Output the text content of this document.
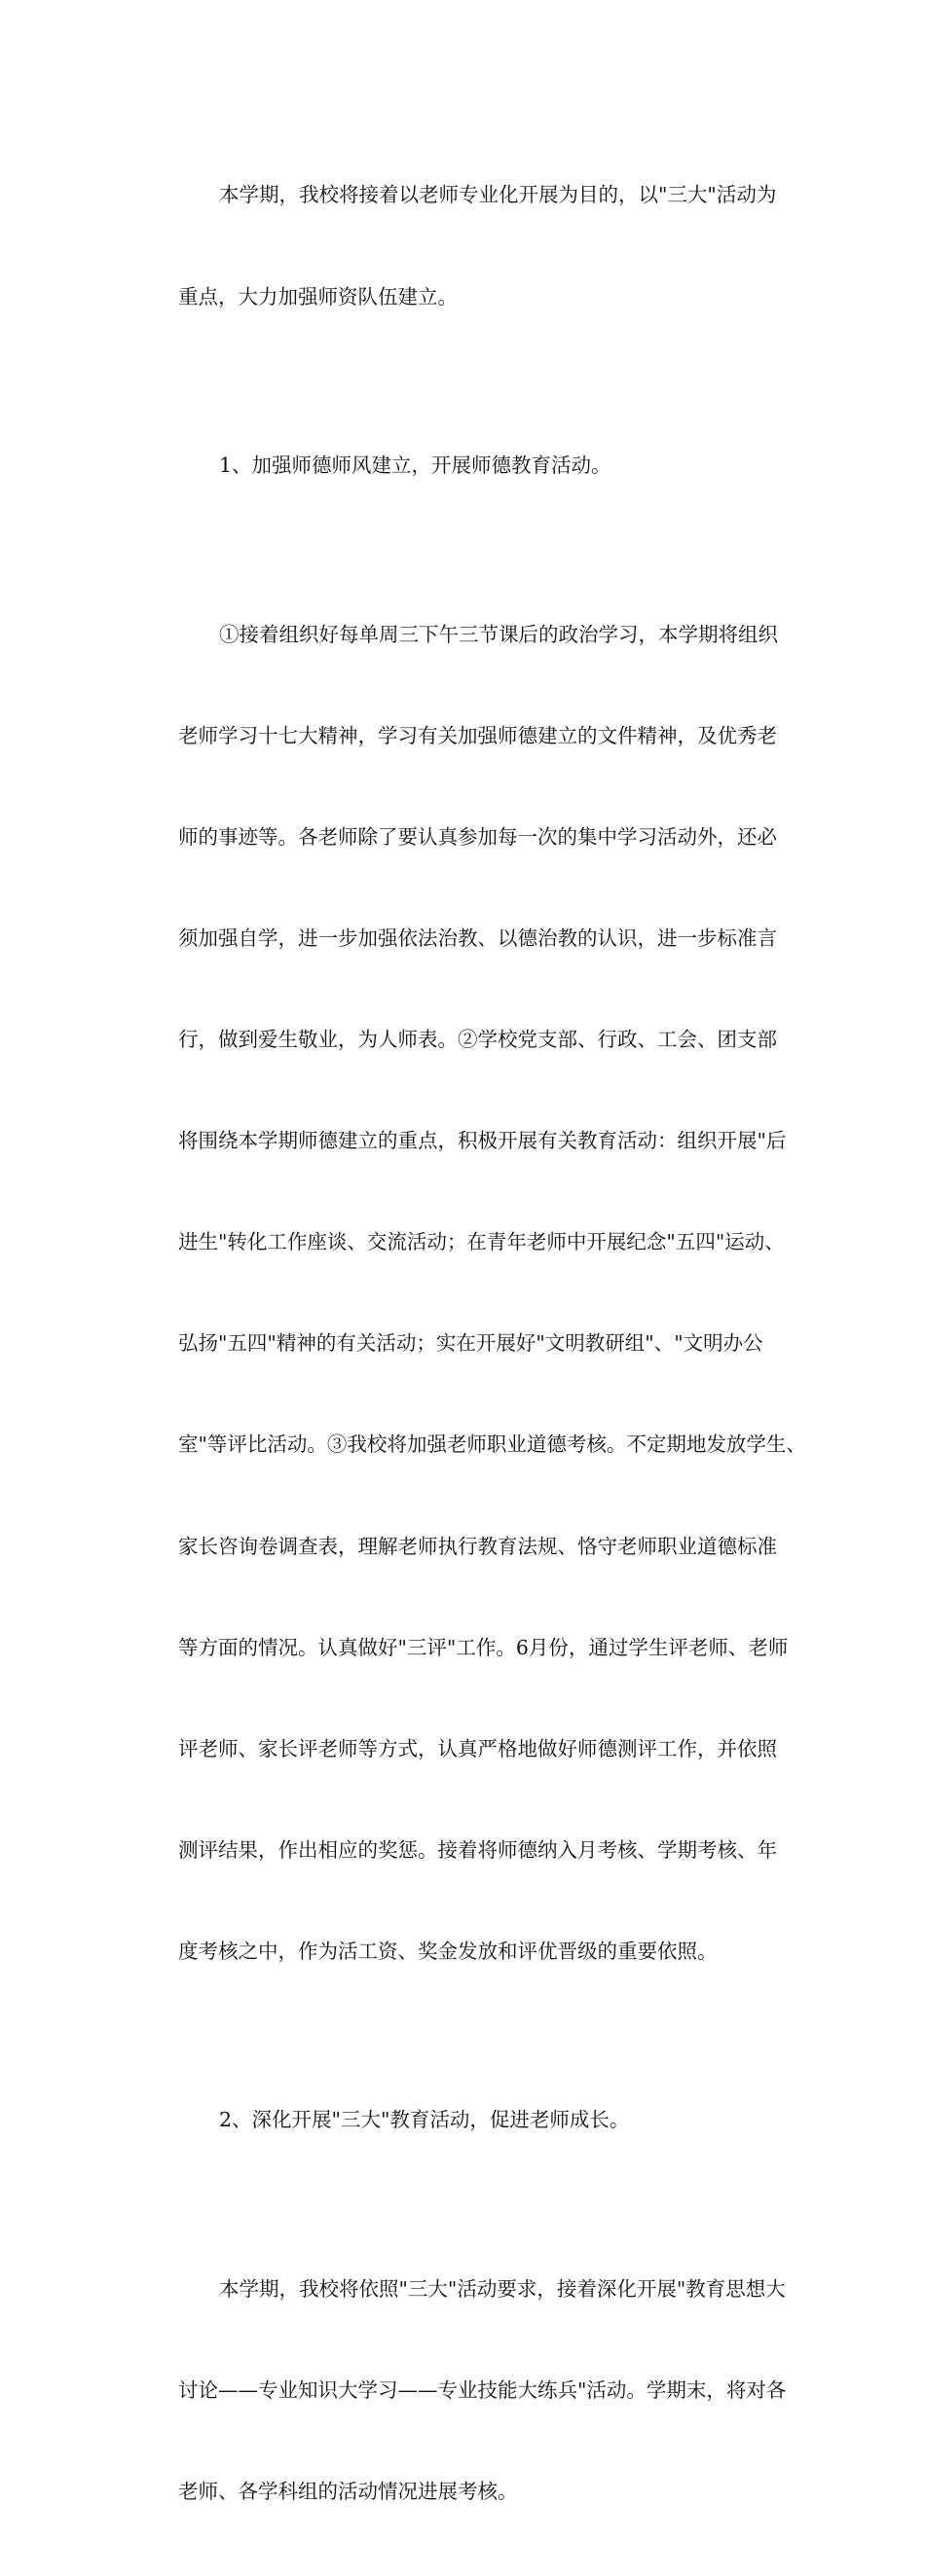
本学期，我校将接着以老师专业化开展为目的，以"三大"活动为

重点，大力加强师资队伍建立。

1、加强师德师风建立，开展师德教育活动。

①接着组织好每单周三下午三节课后的政治学习，本学期将组织

老师学习十七大精神，学习有关加强师德建立的文件精神，及优秀老

师的事迹等。各老师除了要认真参加每一次的集中学习活动外，还必

须加强自学，进一步加强依法治教、以德治教的认识，进一步标准言

行，做到爱生敬业，为人师表。②学校党支部、行政、工会、团支部

将围绕本学期师德建立的重点，积极开展有关教育活动：组织开展"后

进生"转化工作座谈、交流活动；在青年老师中开展纪念"五四"运动、

弘扬"五四"精神的有关活动；实在开展好"文明教研组"、"文明办公

室"等评比活动。③我校将加强老师职业道德考核。不定期地发放学生、

家长咨询卷调查表，理解老师执行教育法规、恪守老师职业道德标准

等方面的情况。认真做好"三评"工作。6月份，通过学生评老师、老师

评老师、家长评老师等方式，认真严格地做好师德测评工作，并依照

测评结果，作出相应的奖惩。接着将师德纳入月考核、学期考核、年

度考核之中，作为活工资、奖金发放和评优晋级的重要依照。

2、深化开展"三大"教育活动，促进老师成长。

本学期，我校将依照"三大"活动要求，接着深化开展"教育思想大

讨论——专业知识大学习——专业技能大练兵"活动。学期末，将对各

老师、各学科组的活动情况进展考核。
